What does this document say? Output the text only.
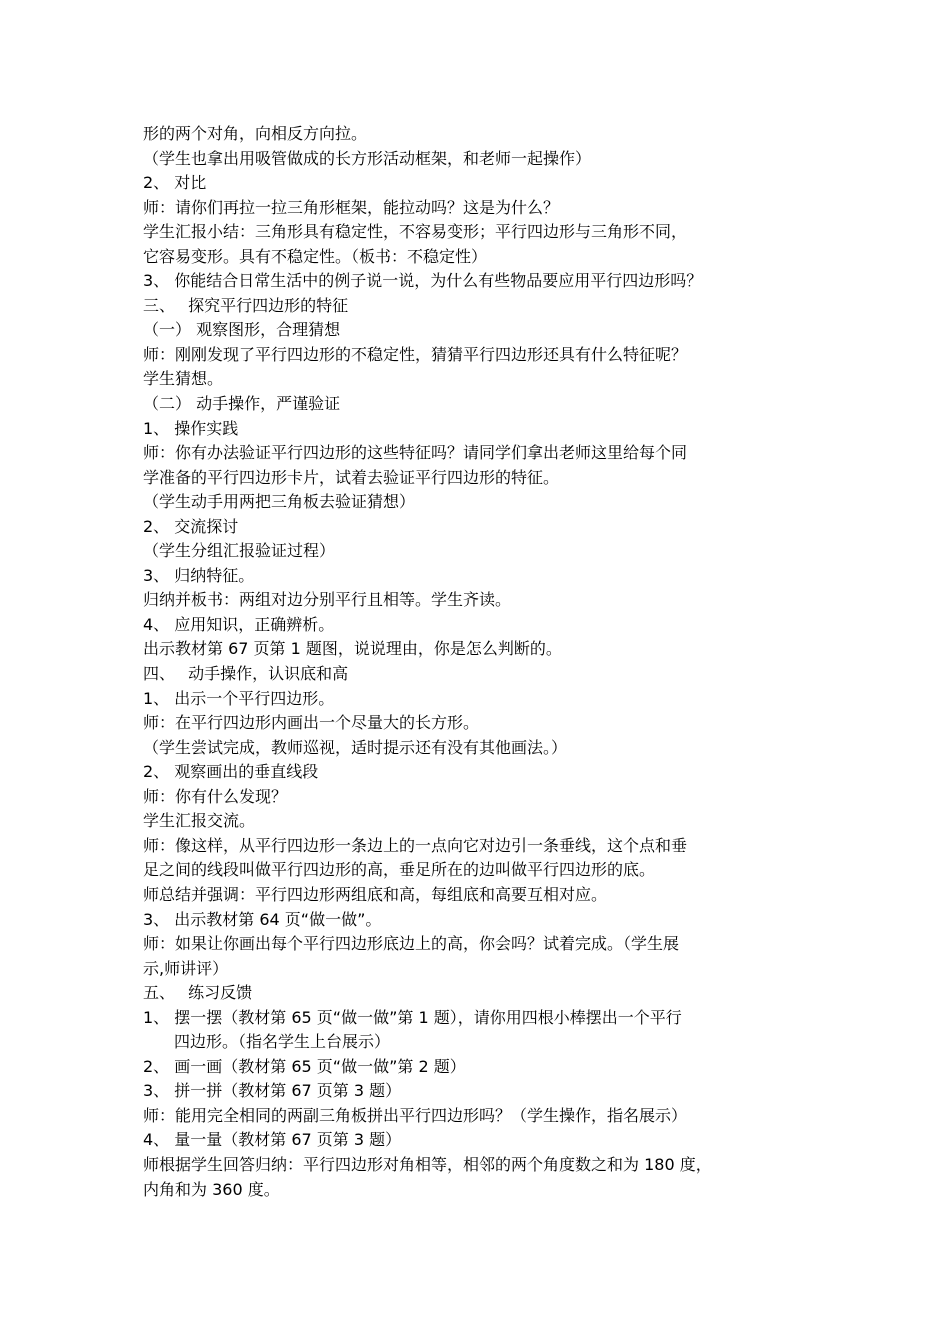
形的两个对角，向相反方向拉。
（学生也拿出用吸管做成的长方形活动框架，和老师一起操作）
2、 对比
师：请你们再拉一拉三角形框架，能拉动吗？这是为什么？
学生汇报小结：三角形具有稳定性，不容易变形；平行四边形与三角形不同，
它容易变形。具有不稳定性。（板书：不稳定性）
3、 你能结合日常生活中的例子说一说，为什么有些物品要应用平行四边形吗？
三、　 探究平行四边形的特征
（一） 观察图形，合理猜想
师：刚刚发现了平行四边形的不稳定性，猜猜平行四边形还具有什么特征呢？
学生猜想。
（二） 动手操作，严谨验证
1、 操作实践
师：你有办法验证平行四边形的这些特征吗？请同学们拿出老师这里给每个同
学准备的平行四边形卡片，试着去验证平行四边形的特征。
（学生动手用两把三角板去验证猜想）
2、 交流探讨
（学生分组汇报验证过程）
3、 归纳特征。
归纳并板书：两组对边分别平行且相等。学生齐读。
4、 应用知识，正确辨析。
出示教材第 67 页第 1 题图，说说理由，你是怎么判断的。
四、　 动手操作，认识底和高
1、 出示一个平行四边形。
师：在平行四边形内画出一个尽量大的长方形。
（学生尝试完成，教师巡视，适时提示还有没有其他画法。）
2、 观察画出的垂直线段
师：你有什么发现？
学生汇报交流。
师：像这样，从平行四边形一条边上的一点向它对边引一条垂线，这个点和垂
足之间的线段叫做平行四边形的高，垂足所在的边叫做平行四边形的底。
师总结并强调：平行四边形两组底和高，每组底和高要互相对应。
3、 出示教材第 64 页“做一做”。
师：如果让你画出每个平行四边形底边上的高，你会吗？试着完成。（学生展
示,师讲评）
五、　 练习反馈
1、 摆一摆（教材第 65 页“做一做”第 1 题），请你用四根小棒摆出一个平行
四边形。（指名学生上台展示）
2、 画一画（教材第 65 页“做一做”第 2 题）
3、 拼一拼（教材第 67 页第 3 题）
师：能用完全相同的两副三角板拼出平行四边形吗？（学生操作，指名展示）
4、 量一量（教材第 67 页第 3 题）
师根据学生回答归纳：平行四边形对角相等，相邻的两个角度数之和为 180 度，
内角和为 360 度。
